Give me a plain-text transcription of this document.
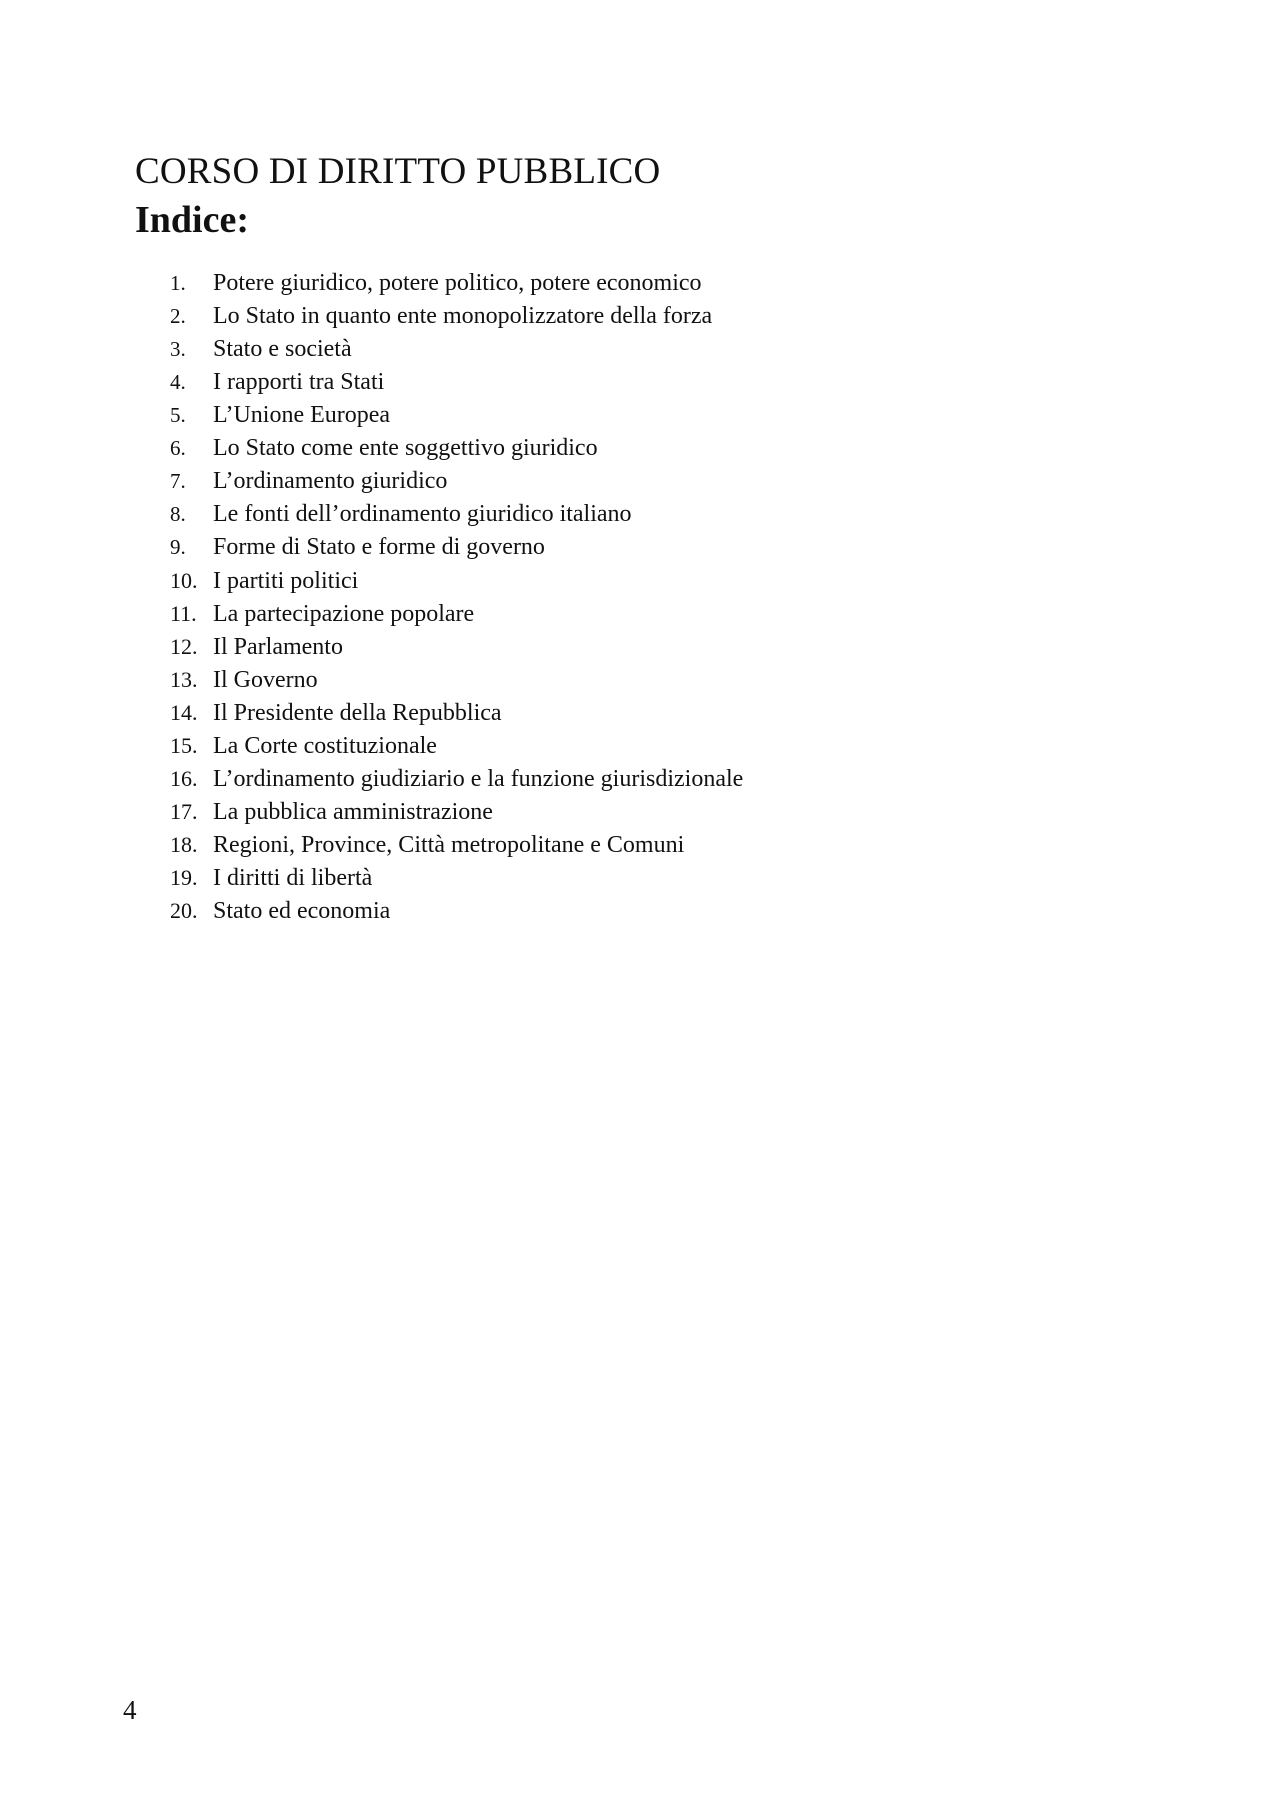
CORSO DI DIRITTO PUBBLICO
Indice:
1.	Potere giuridico, potere politico, potere economico
2.	Lo Stato in quanto ente monopolizzatore della forza
3.	Stato e società
4.	I rapporti tra Stati
5.	L’Unione Europea
6.	Lo Stato come ente soggettivo giuridico
7.	L’ordinamento giuridico
8.	Le fonti dell’ordinamento giuridico italiano
9.	Forme di Stato e forme di governo
10. I partiti politici
11. La partecipazione popolare
12. Il Parlamento
13. Il Governo
14. Il Presidente della Repubblica
15. La Corte costituzionale
16. L’ordinamento giudiziario e la funzione giurisdizionale
17. La pubblica amministrazione
18. Regioni, Province, Città metropolitane e Comuni
19. I diritti di libertà
20. Stato ed economia
4
